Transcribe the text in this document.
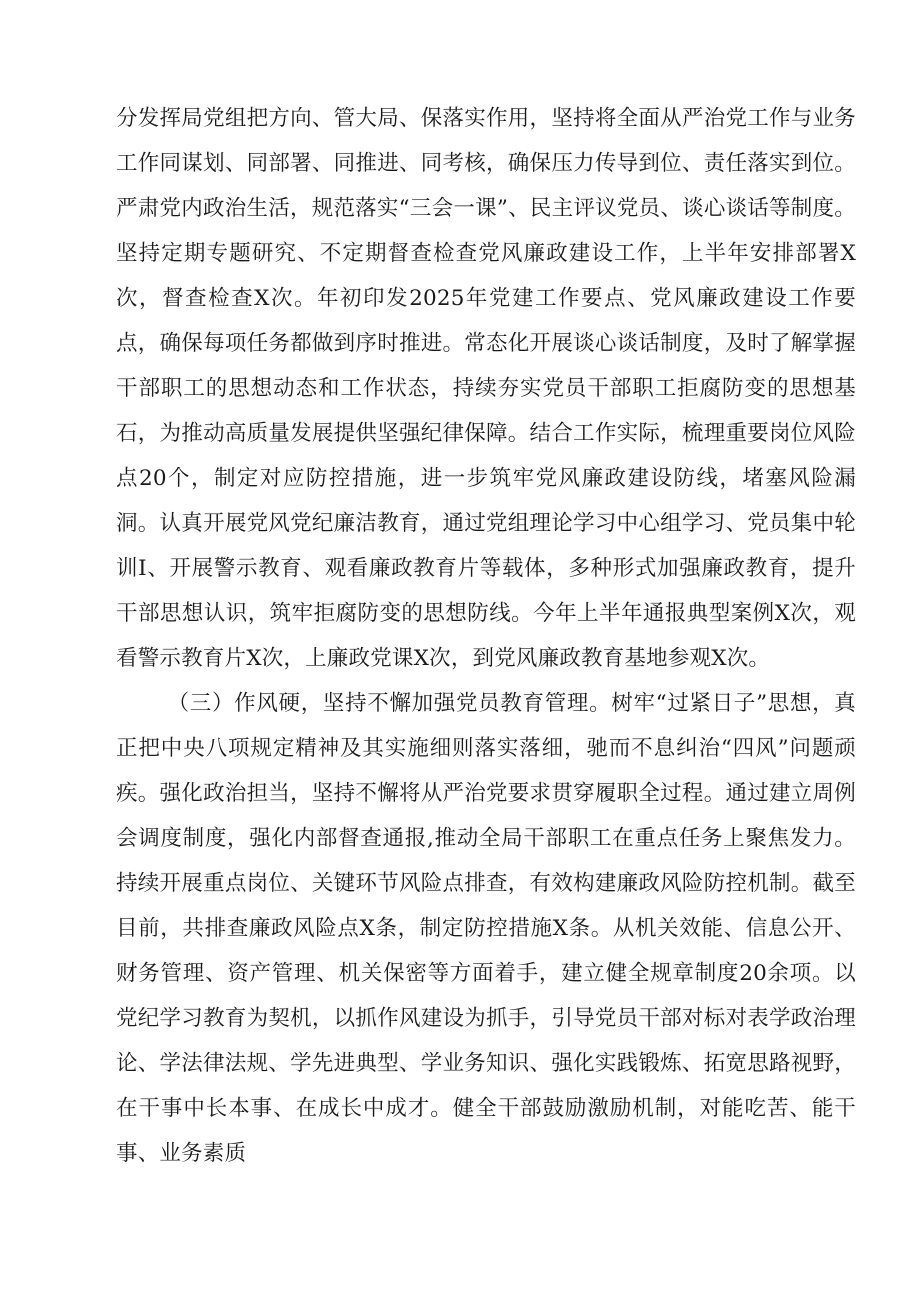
分发挥局党组把方向、管大局、保落实作用，坚持将全面从严治党工作与业务工作同谋划、同部署、同推进、同考核，确保压力传导到位、责任落实到位。严肃党内政治生活，规范落实“三会一课”、民主评议党员、谈心谈话等制度。坚持定期专题研究、不定期督查检查党风廉政建设工作，上半年安排部署X次，督查检查X次。年初印发2025年党建工作要点、党风廉政建设工作要点，确保每项任务都做到序时推进。常态化开展谈心谈话制度，及时了解掌握干部职工的思想动态和工作状态，持续夯实党员干部职工拒腐防变的思想基石，为推动高质量发展提供坚强纪律保障。结合工作实际，梳理重要岗位风险点20个，制定对应防控措施，进一步筑牢党风廉政建设防线，堵塞风险漏洞。认真开展党风党纪廉洁教育，通过党组理论学习中心组学习、党员集中轮训I、开展警示教育、观看廉政教育片等载体，多种形式加强廉政教育，提升干部思想认识，筑牢拒腐防变的思想防线。今年上半年通报典型案例X次，观看警示教育片X次，上廉政党课X次，到党风廉政教育基地参观X次。

（三）作风硬，坚持不懈加强党员教育管理。树牢“过紧日子”思想，真正把中央八项规定精神及其实施细则落实落细，驰而不息纠治“四风”问题顽疾。强化政治担当，坚持不懈将从严治党要求贯穿履职全过程。通过建立周例会调度制度，强化内部督查通报,推动全局干部职工在重点任务上聚焦发力。持续开展重点岗位、关键环节风险点排查，有效构建廉政风险防控机制。截至目前，共排查廉政风险点X条，制定防控措施X条。从机关效能、信息公开、财务管理、资产管理、机关保密等方面着手，建立健全规章制度20余项。以党纪学习教育为契机，以抓作风建设为抓手，引导党员干部对标对表学政治理论、学法律法规、学先进典型、学业务知识、强化实践锻炼、拓宽思路视野，在干事中长本事、在成长中成才。健全干部鼓励激励机制，对能吃苦、能干事、业务素质
